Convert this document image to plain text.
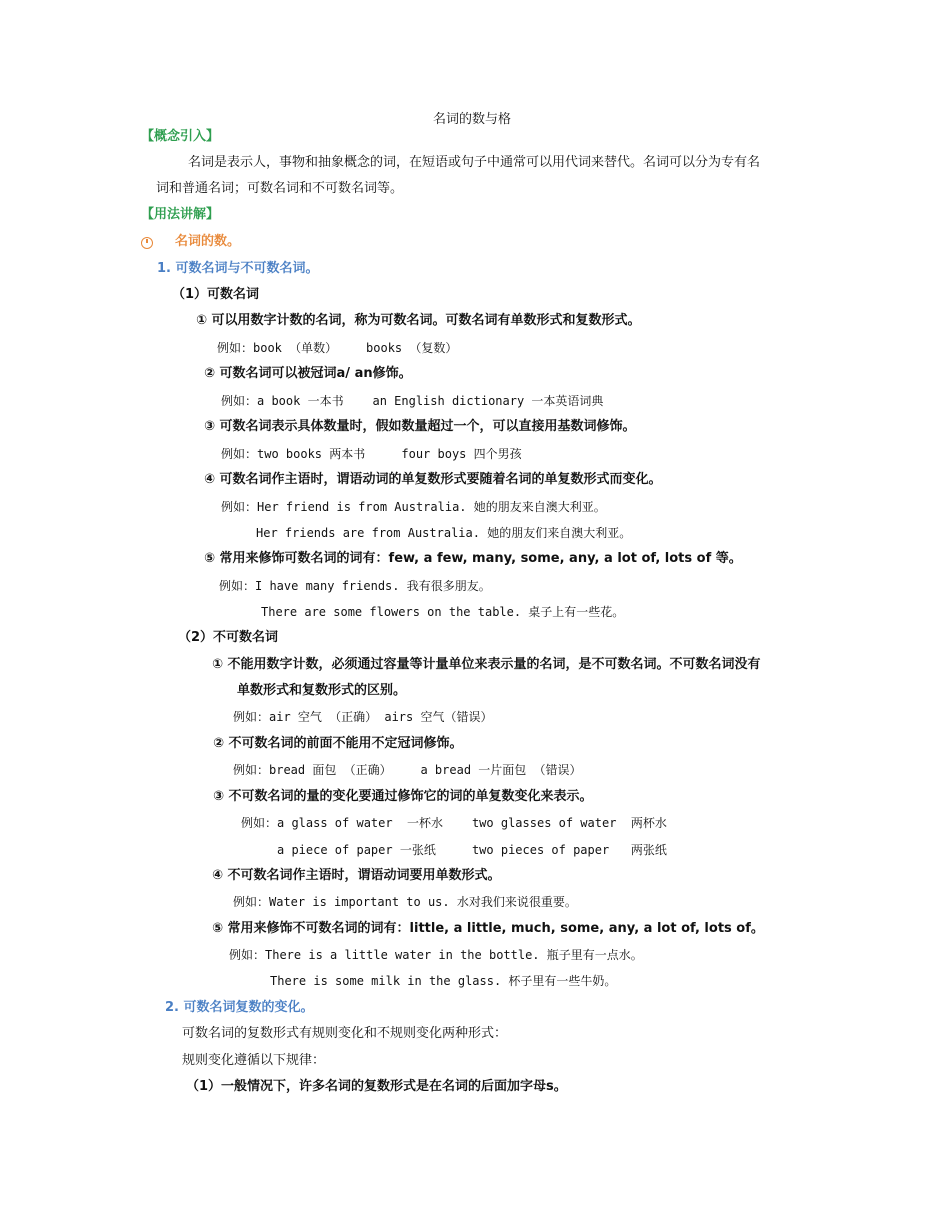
名词的数与格
【概念引入】
名词是表示人，事物和抽象概念的词，在短语或句子中通常可以用代词来替代。名词可以分为专有名
词和普通名词；可数名词和不可数名词等。
【用法讲解】
名词的数。
1. 可数名词与不可数名词。
（1）可数名词
① 可以用数字计数的名词，称为可数名词。可数名词有单数形式和复数形式。
例如：book （单数）    books （复数）
② 可数名词可以被冠词a/ an修饰。
例如：a book 一本书    an English dictionary 一本英语词典
③ 可数名词表示具体数量时，假如数量超过一个，可以直接用基数词修饰。
例如：two books 两本书     four boys 四个男孩
④ 可数名词作主语时，谓语动词的单复数形式要随着名词的单复数形式而变化。
例如：Her friend is from Australia. 她的朋友来自澳大利亚。
Her friends are from Australia. 她的朋友们来自澳大利亚。
⑤ 常用来修饰可数名词的词有：few, a few, many, some, any, a lot of, lots of 等。
例如：I have many friends. 我有很多朋友。
There are some flowers on the table. 桌子上有一些花。
（2）不可数名词
① 不能用数字计数，必须通过容量等计量单位来表示量的名词，是不可数名词。不可数名词没有
单数形式和复数形式的区别。
例如：air 空气 （正确） airs 空气（错误）
② 不可数名词的前面不能用不定冠词修饰。
例如：bread 面包 （正确）    a bread 一片面包 （错误）
③ 不可数名词的量的变化要通过修饰它的词的单复数变化来表示。
例如：a glass of water  一杯水    two glasses of water  两杯水
a piece of paper 一张纸     two pieces of paper   两张纸
④ 不可数名词作主语时，谓语动词要用单数形式。
例如：Water is important to us. 水对我们来说很重要。
⑤ 常用来修饰不可数名词的词有：little, a little, much, some, any, a lot of, lots of。
例如：There is a little water in the bottle. 瓶子里有一点水。
There is some milk in the glass. 杯子里有一些牛奶。
2. 可数名词复数的变化。
可数名词的复数形式有规则变化和不规则变化两种形式：
规则变化遵循以下规律：
（1）一般情况下，许多名词的复数形式是在名词的后面加字母s。
